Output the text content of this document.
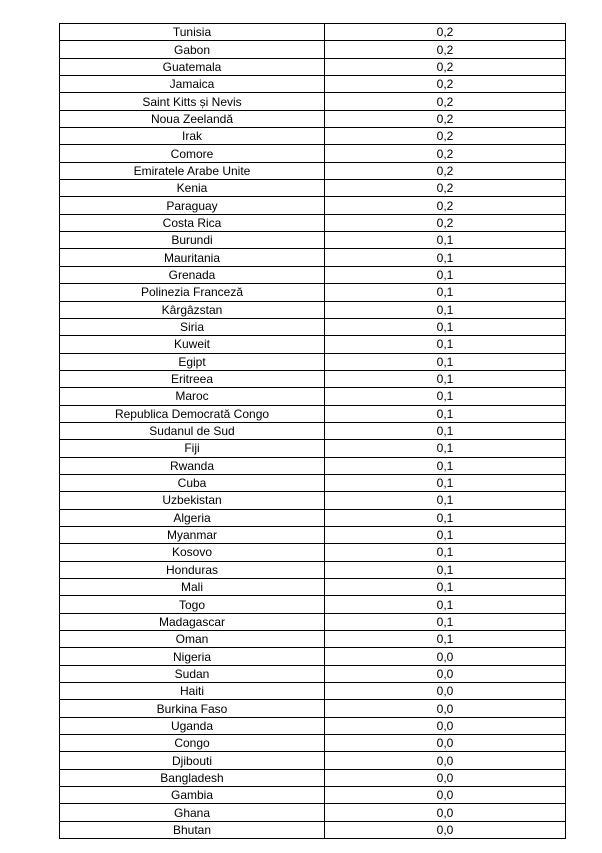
Tunisia	0,2
Gabon	0,2
Guatemala	0,2
Jamaica	0,2
Saint Kitts și Nevis	0,2
Noua Zeelandă	0,2
Irak	0,2
Comore	0,2
Emiratele Arabe Unite	0,2
Kenia	0,2
Paraguay	0,2
Costa Rica	0,2
Burundi	0,1
Mauritania	0,1
Grenada	0,1
Polinezia Franceză	0,1
Kârgâzstan	0,1
Siria	0,1
Kuweit	0,1
Egipt	0,1
Eritreea	0,1
Maroc	0,1
Republica Democrată Congo	0,1
Sudanul de Sud	0,1
Fiji	0,1
Rwanda	0,1
Cuba	0,1
Uzbekistan	0,1
Algeria	0,1
Myanmar	0,1
Kosovo	0,1
Honduras	0,1
Mali	0,1
Togo	0,1
Madagascar	0,1
Oman	0,1
Nigeria	0,0
Sudan	0,0
Haiti	0,0
Burkina Faso	0,0
Uganda	0,0
Congo	0,0
Djibouti	0,0
Bangladesh	0,0
Gambia	0,0
Ghana	0,0
Bhutan	0,0
